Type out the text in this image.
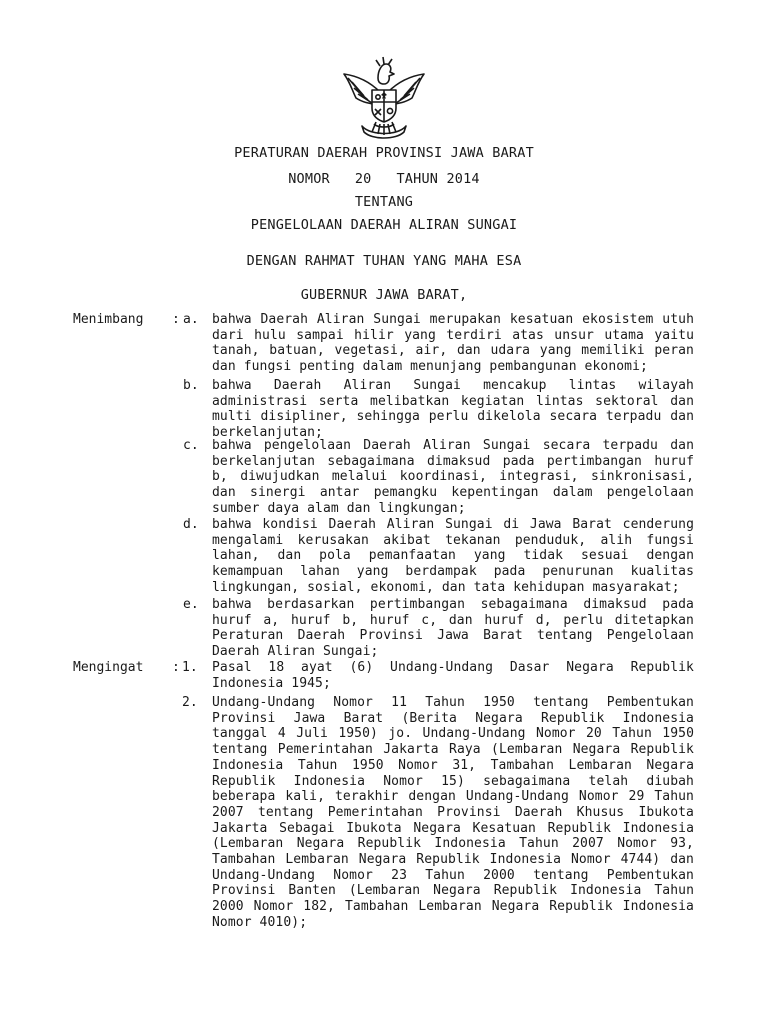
PERATURAN DAERAH PROVINSI JAWA BARAT
NOMOR   20   TAHUN 2014
TENTANG
PENGELOLAAN DAERAH ALIRAN SUNGAI
DENGAN RAHMAT TUHAN YANG MAHA ESA
GUBERNUR JAWA BARAT,
Menimbang : a. bahwa Daerah Aliran Sungai merupakan kesatuan ekosistem utuh dari hulu sampai hilir yang terdiri atas unsur utama yaitu tanah, batuan, vegetasi, air, dan udara yang memiliki peran dan fungsi penting dalam menunjang pembangunan ekonomi;
b. bahwa Daerah Aliran Sungai mencakup lintas wilayah administrasi serta melibatkan kegiatan lintas sektoral dan multi disipliner, sehingga perlu dikelola secara terpadu dan berkelanjutan;
c. bahwa pengelolaan Daerah Aliran Sungai secara terpadu dan berkelanjutan sebagaimana dimaksud pada pertimbangan huruf b, diwujudkan melalui koordinasi, integrasi, sinkronisasi, dan sinergi antar pemangku kepentingan dalam pengelolaan sumber daya alam dan lingkungan;
d. bahwa kondisi Daerah Aliran Sungai di Jawa Barat cenderung mengalami kerusakan akibat tekanan penduduk, alih fungsi lahan, dan pola pemanfaatan yang tidak sesuai dengan kemampuan lahan yang berdampak pada penurunan kualitas lingkungan, sosial, ekonomi, dan tata kehidupan masyarakat;
e. bahwa berdasarkan pertimbangan sebagaimana dimaksud pada huruf a, huruf b, huruf c, dan huruf d, perlu ditetapkan Peraturan Daerah Provinsi Jawa Barat tentang Pengelolaan Daerah Aliran Sungai;
Mengingat : 1. Pasal 18 ayat (6) Undang-Undang Dasar Negara Republik Indonesia 1945;
2. Undang-Undang Nomor 11 Tahun 1950 tentang Pembentukan Provinsi Jawa Barat (Berita Negara Republik Indonesia tanggal 4 Juli 1950) jo. Undang-Undang Nomor 20 Tahun 1950 tentang Pemerintahan Jakarta Raya (Lembaran Negara Republik Indonesia Tahun 1950 Nomor 31, Tambahan Lembaran Negara Republik Indonesia Nomor 15) sebagaimana telah diubah beberapa kali, terakhir dengan Undang-Undang Nomor 29 Tahun 2007 tentang Pemerintahan Provinsi Daerah Khusus Ibukota Jakarta Sebagai Ibukota Negara Kesatuan Republik Indonesia (Lembaran Negara Republik Indonesia Tahun 2007 Nomor 93, Tambahan Lembaran Negara Republik Indonesia Nomor 4744) dan Undang-Undang Nomor 23 Tahun 2000 tentang Pembentukan Provinsi Banten (Lembaran Negara Republik Indonesia Tahun 2000 Nomor 182, Tambahan Lembaran Negara Republik Indonesia Nomor 4010);
